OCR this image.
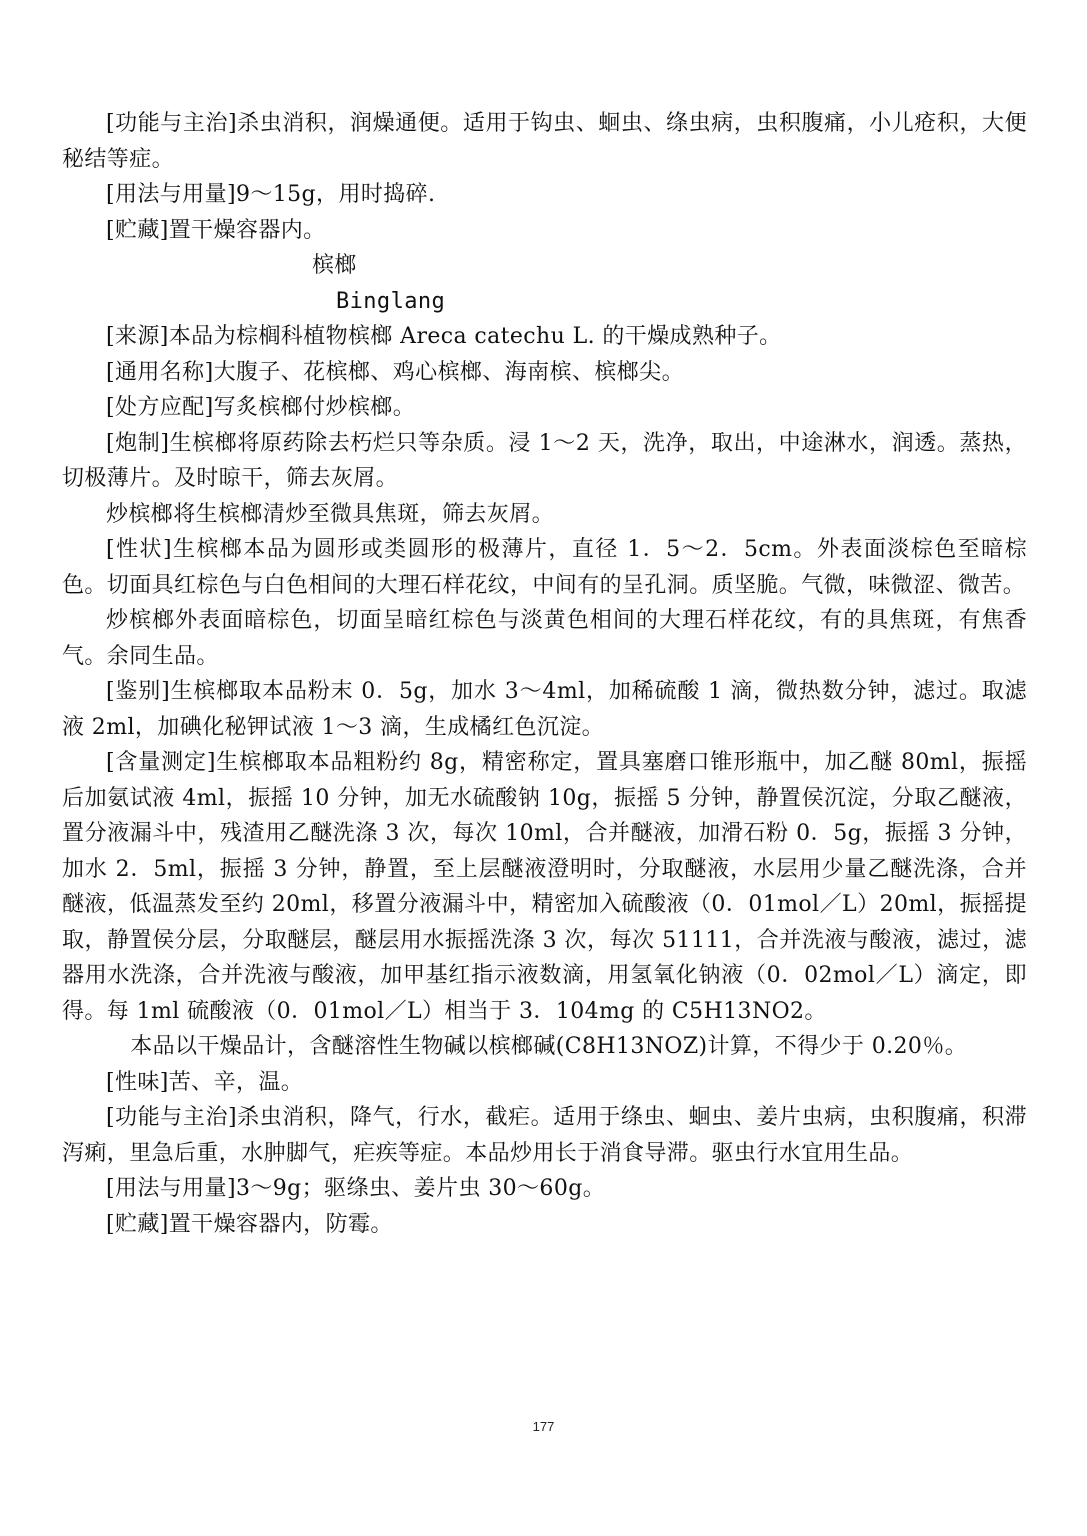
[功能与主治]杀虫消积，润燥通便。适用于钩虫、蛔虫、绦虫病，虫积腹痛，小儿疮积，大便秘结等症。

[用法与用量]9～15g，用时捣碎.

[贮藏]置干燥容器内。

槟榔

Binglang

[来源]本品为棕榈科植物槟榔 Areca catechu L. 的干燥成熟种子。

[通用名称]大腹子、花槟榔、鸡心槟榔、海南槟、槟榔尖。

[处方应配]写炙槟榔付炒槟榔。

[炮制]生槟榔将原药除去朽烂只等杂质。浸 1～2 天，洗净，取出，中途淋水，润透。蒸热，切极薄片。及时晾干，筛去灰屑。

炒槟榔将生槟榔清炒至微具焦斑，筛去灰屑。

[性状]生槟榔本品为圆形或类圆形的极薄片，直径 1．5～2．5cm。外表面淡棕色至暗棕色。切面具红棕色与白色相间的大理石样花纹，中间有的呈孔洞。质坚脆。气微，味微涩、微苦。

炒槟榔外表面暗棕色，切面呈暗红棕色与淡黄色相间的大理石样花纹，有的具焦斑，有焦香气。余同生品。

[鉴别]生槟榔取本品粉末 0．5g，加水 3～4ml，加稀硫酸 1 滴，微热数分钟，滤过。取滤液 2ml，加碘化秘钾试液 1～3 滴，生成橘红色沉淀。

[含量测定]生槟榔取本品粗粉约 8g，精密称定，置具塞磨口锥形瓶中，加乙醚 80ml，振摇后加氨试液 4ml，振摇 10 分钟，加无水硫酸钠 10g，振摇 5 分钟，静置侯沉淀，分取乙醚液，置分液漏斗中，残渣用乙醚洗涤 3 次，每次 10ml，合并醚液，加滑石粉 0．5g，振摇 3 分钟，加水 2．5ml，振摇 3 分钟，静置，至上层醚液澄明时，分取醚液，水层用少量乙醚洗涤，合并醚液，低温蒸发至约 20ml，移置分液漏斗中，精密加入硫酸液（0．01mol／L）20ml，振摇提取，静置侯分层，分取醚层，醚层用水振摇洗涤 3 次，每次 51111，合并洗液与酸液，滤过，滤器用水洗涤，合并洗液与酸液，加甲基红指示液数滴，用氢氧化钠液（0．02mol／L）滴定，即得。每 1ml 硫酸液（0．01mol／L）相当于 3．104mg 的 C5H13NO2。

本品以干燥品计，含醚溶性生物碱以槟榔碱(C8H13NOZ)计算，不得少于 0.20％。

[性味]苦、辛，温。

[功能与主治]杀虫消积，降气，行水，截疟。适用于绦虫、蛔虫、姜片虫病，虫积腹痛，积滞泻痢，里急后重，水肿脚气，疟疾等症。本品炒用长于消食导滞。驱虫行水宜用生品。

[用法与用量]3～9g；驱绦虫、姜片虫 30～60g。

[贮藏]置干燥容器内，防霉。

177
